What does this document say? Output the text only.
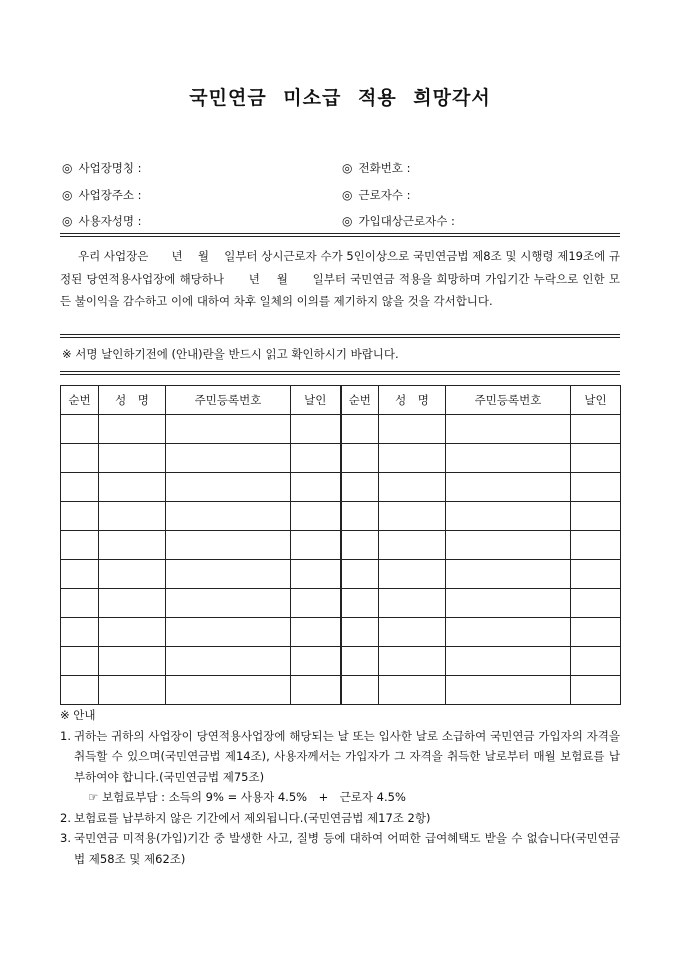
국민연금 미소급 적용 희망각서
◎ 사업장명칭 :	◎ 전화번호 :
◎ 사업장주소 :	◎ 근로자수 :
◎ 사용자성명 :	◎ 가입대상근로자수 :
우리 사업장은　　년　 월　 일부터 상시근로자 수가 5인이상으로 국민연금법 제8조 및 시행령 제19조에 규정된 당연적용사업장에 해당하나　　년　 월　　일부터 국민연금 적용을 희망하며 가입기간 누락으로 인한 모든 불이익을 감수하고 이에 대하여 차후 일체의 이의를 제기하지 않을 것을 각서합니다.
※ 서명 날인하기전에 (안내)란을 반드시 읽고 확인하시기 바랍니다.
순번	성　명	주민등록번호	날인	순번	성　명	주민등록번호	날인

※ 안내

1. 귀하는 귀하의 사업장이 당연적용사업장에 해당되는 날 또는 입사한 날로 소급하여 국민연금 가입자의 자격을 취득할 수 있으며(국민연금법 제14조), 사용자께서는 가입자가 그 자격을 취득한 날로부터 매월 보험료를 납부하여야 합니다.(국민연금법 제75조)
☞ 보험료부담 : 소득의 9% = 사용자 4.5%　+　근로자 4.5%
2. 보험료를 납부하지 않은 기간에서 제외됩니다.(국민연금법 제17조 2항)
3. 국민연금 미적용(가입)기간 중 발생한 사고, 질병 등에 대하여 어떠한 급여혜택도 받을 수 없습니다(국민연금법 제58조 및 제62조)
